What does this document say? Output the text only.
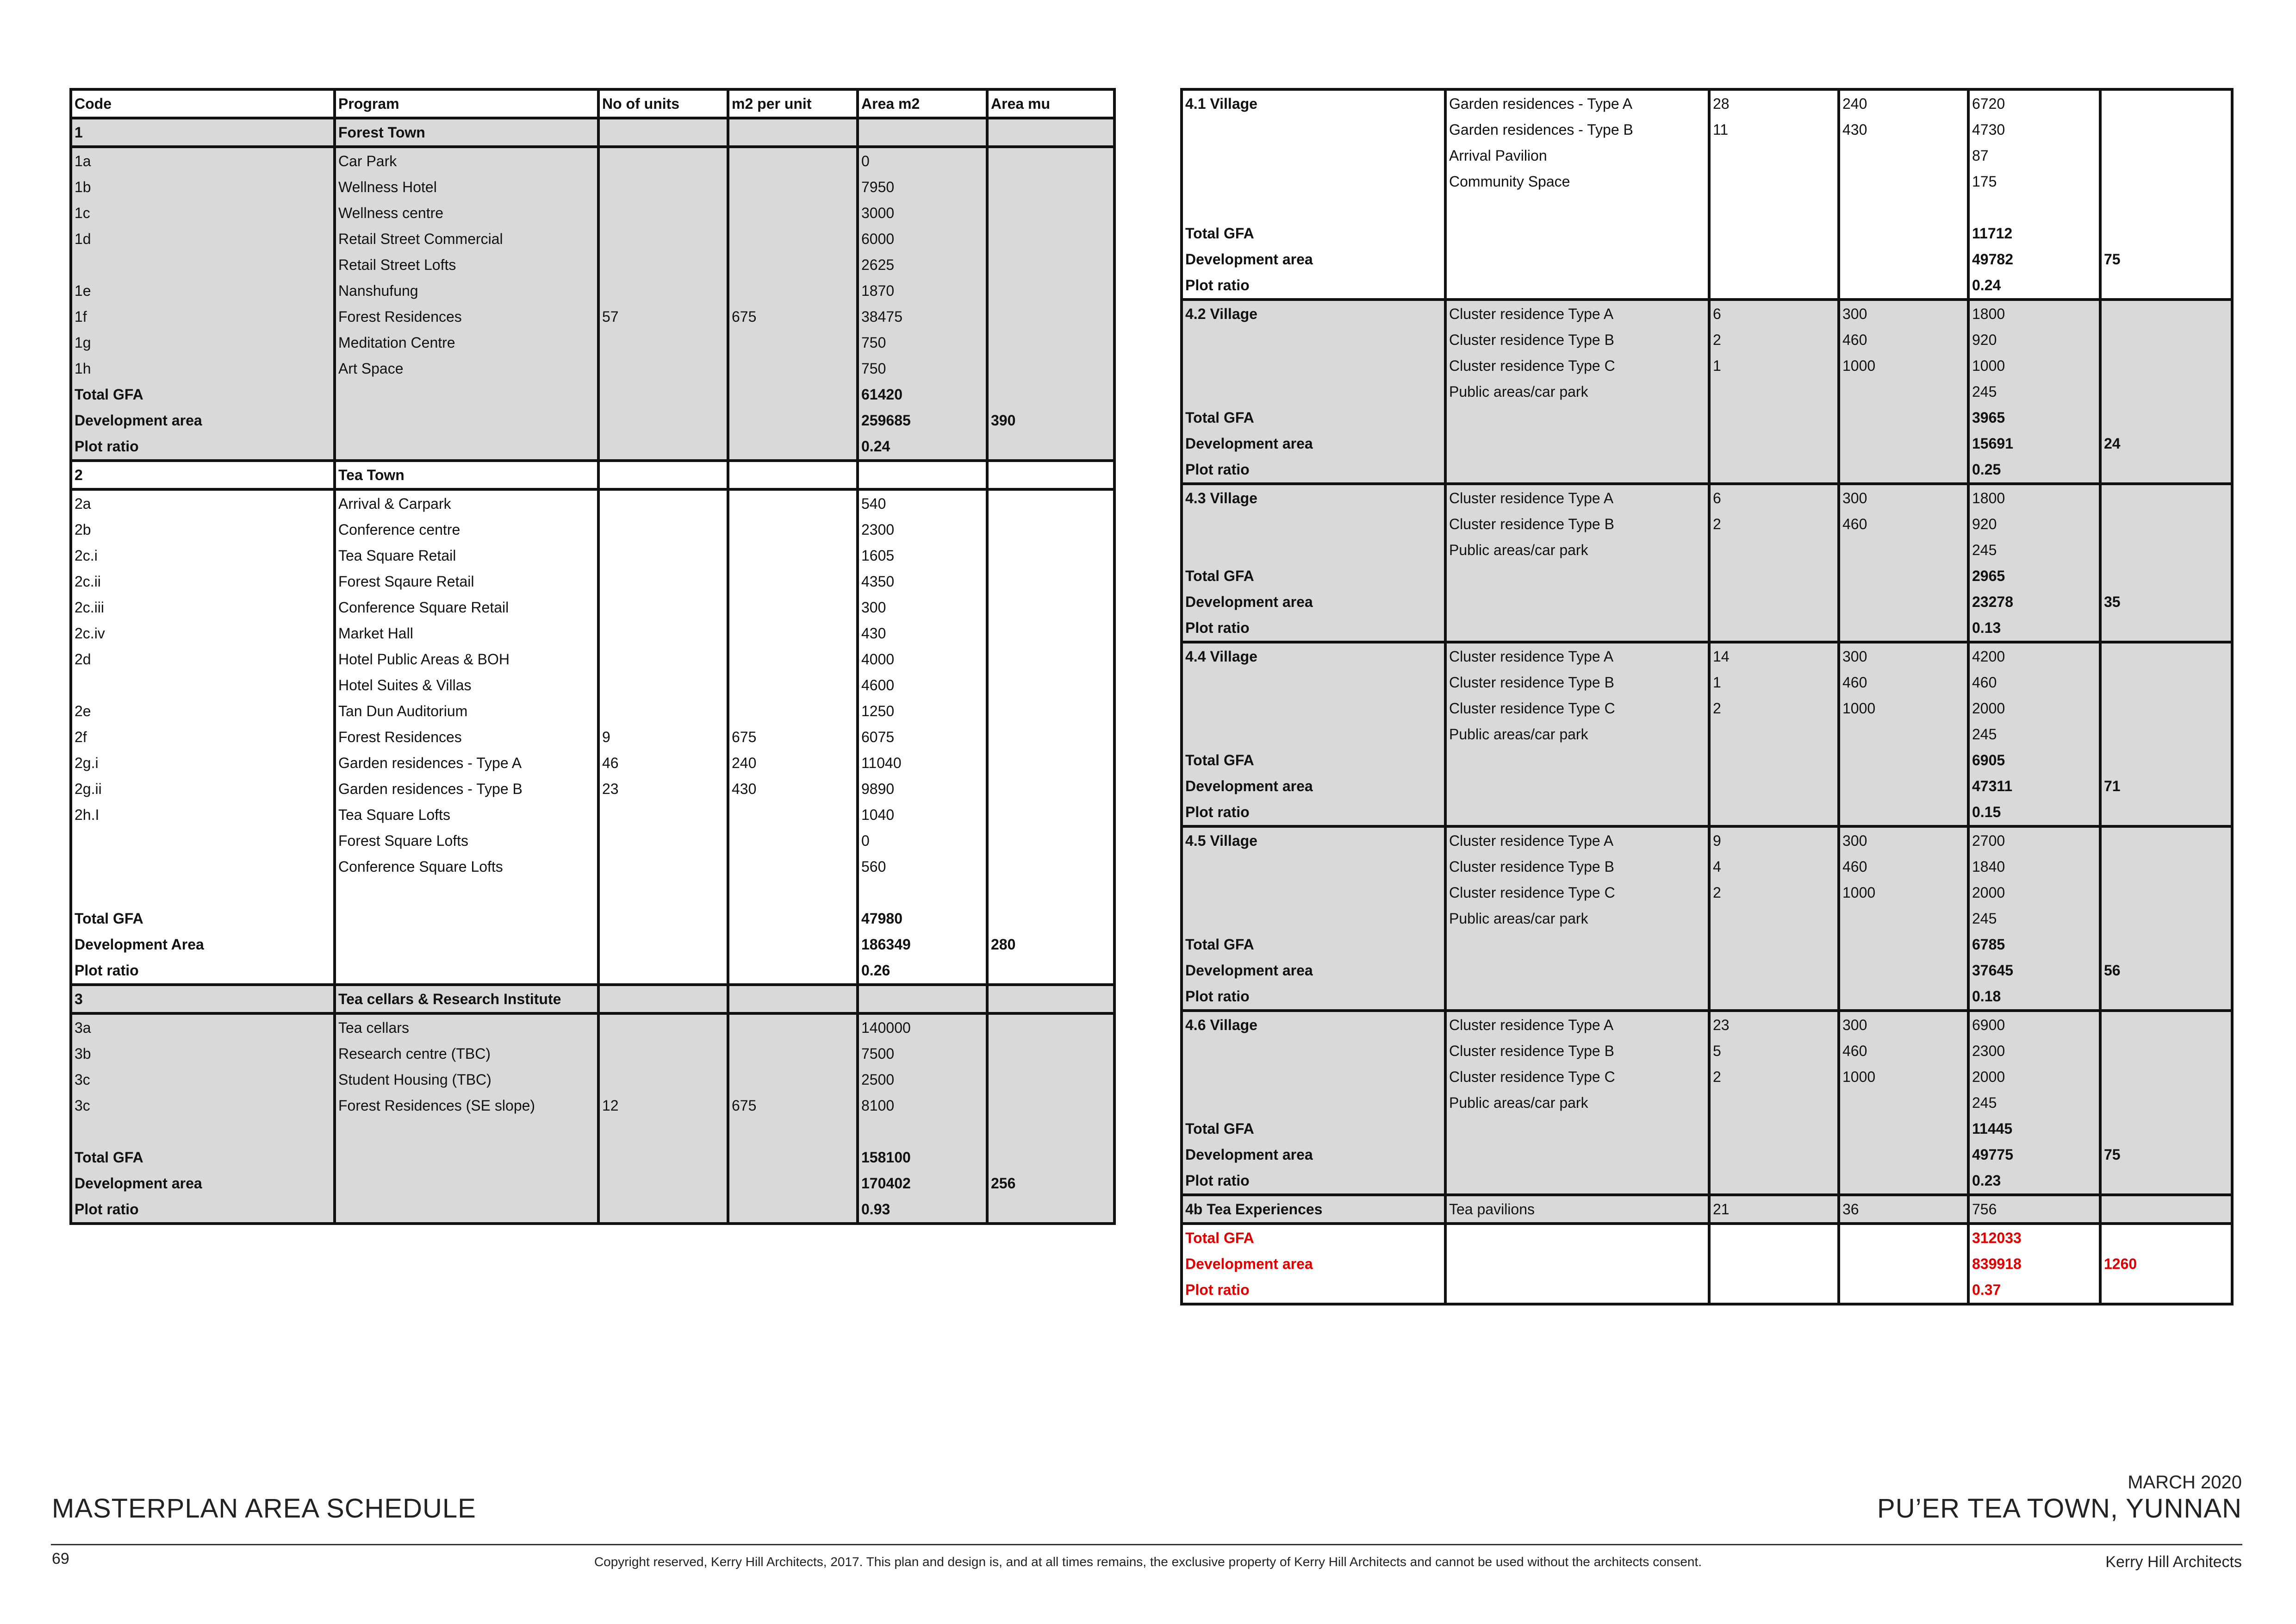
Code	Program	No of units	m2 per unit	Area m2	Area mu
1	Forest Town				
1a	Car Park			0	
1b	Wellness Hotel			7950	
1c	Wellness centre			3000	
1d	Retail Street Commercial			6000	
	Retail Street Lofts			2625	
1e	Nanshufung			1870	
1f	Forest Residences	57	675	38475	
1g	Meditation Centre			750	
1h	Art Space			750	
Total GFA				61420	
Development area				259685	390
Plot ratio				0.24	
2	Tea Town				
2a	Arrival & Carpark			540	
2b	Conference centre			2300	
2c.i	Tea Square Retail			1605	
2c.ii	Forest Sqaure Retail			4350	
2c.iii	Conference Square Retail			300	
2c.iv	Market Hall			430	
2d	Hotel Public Areas & BOH			4000	
	Hotel Suites & Villas			4600	
2e	Tan Dun Auditorium			1250	
2f	Forest Residences	9	675	6075	
2g.i	Garden residences - Type A	46	240	11040	
2g.ii	Garden residences - Type B	23	430	9890	
2h.I	Tea Square Lofts			1040	
	Forest Square Lofts			0	
	Conference Square Lofts			560	

Total GFA				47980	
Development Area				186349	280
Plot ratio				0.26	
3	Tea cellars & Research Institute				
3a	Tea cellars			140000	
3b	Research centre (TBC)			7500	
3c	Student Housing (TBC)			2500	
3c	Forest Residences (SE slope)	12	675	8100	

Total GFA				158100	
Development area				170402	256
Plot ratio				0.93	
4.1 Village	Garden residences - Type A	28	240	6720	
	Garden residences - Type B	11	430	4730	
	Arrival Pavilion			87	
	Community Space			175	

Total GFA				11712	
Development area				49782	75
Plot ratio				0.24	
4.2 Village	Cluster residence Type A	6	300	1800	
	Cluster residence Type B	2	460	920	
	Cluster residence Type C	1	1000	1000	
	Public areas/car park			245	
Total GFA				3965	
Development area				15691	24
Plot ratio				0.25	
4.3 Village	Cluster residence Type A	6	300	1800	
	Cluster residence Type B	2	460	920	
	Public areas/car park			245	
Total GFA				2965	
Development area				23278	35
Plot ratio				0.13	
4.4 Village	Cluster residence Type A	14	300	4200	
	Cluster residence Type B	1	460	460	
	Cluster residence Type C	2	1000	2000	
	Public areas/car park			245	
Total GFA				6905	
Development area				47311	71
Plot ratio				0.15	
4.5 Village	Cluster residence Type A	9	300	2700	
	Cluster residence Type B	4	460	1840	
	Cluster residence Type C	2	1000	2000	
	Public areas/car park			245	
Total GFA				6785	
Development area				37645	56
Plot ratio				0.18	
4.6 Village	Cluster residence Type A	23	300	6900	
	Cluster residence Type B	5	460	2300	
	Cluster residence Type C	2	1000	2000	
	Public areas/car park			245	
Total GFA				11445	
Development area				49775	75
Plot ratio				0.23	
4b Tea Experiences	Tea pavilions	21	36	756	
Total GFA				312033	
Development area				839918	1260
Plot ratio				0.37	
MARCH 2020
MASTERPLAN AREA SCHEDULE	PU’ER TEA TOWN, YUNNAN
69	Copyright reserved, Kerry Hill Architects, 2017. This plan and design is, and at all times remains, the exclusive property of Kerry Hill Architects and cannot be used without the architects consent.	Kerry Hill Architects
